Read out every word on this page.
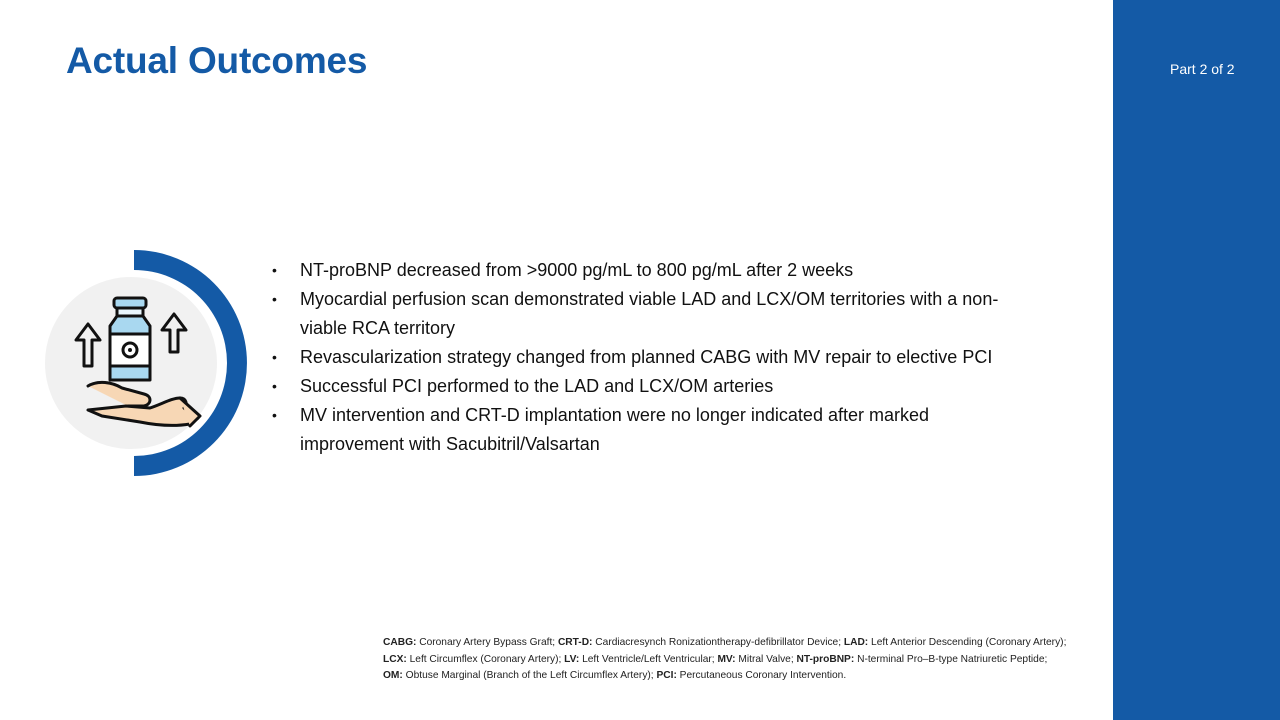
Actual Outcomes	Part 2 of 2
•	NT-proBNP decreased from >9000 pg/mL to 800 pg/mL after 2 weeks
•	Myocardial perfusion scan demonstrated viable LAD and LCX/OM territories with a non-viable RCA territory
•	Revascularization strategy changed from planned CABG with MV repair to elective PCI
•	Successful PCI performed to the LAD and LCX/OM arteries
•	MV intervention and CRT-D implantation were no longer indicated after marked improvement with Sacubitril/Valsartan

CABG: Coronary Artery Bypass Graft; CRT-D: Cardiacresynch Ronizationtherapy-defibrillator Device; LAD: Left Anterior Descending (Coronary Artery);
LCX: Left Circumflex (Coronary Artery); LV: Left Ventricle/Left Ventricular; MV: Mitral Valve; NT-proBNP: N-terminal Pro–B-type Natriuretic Peptide;
OM: Obtuse Marginal (Branch of the Left Circumflex Artery); PCI: Percutaneous Coronary Intervention.
